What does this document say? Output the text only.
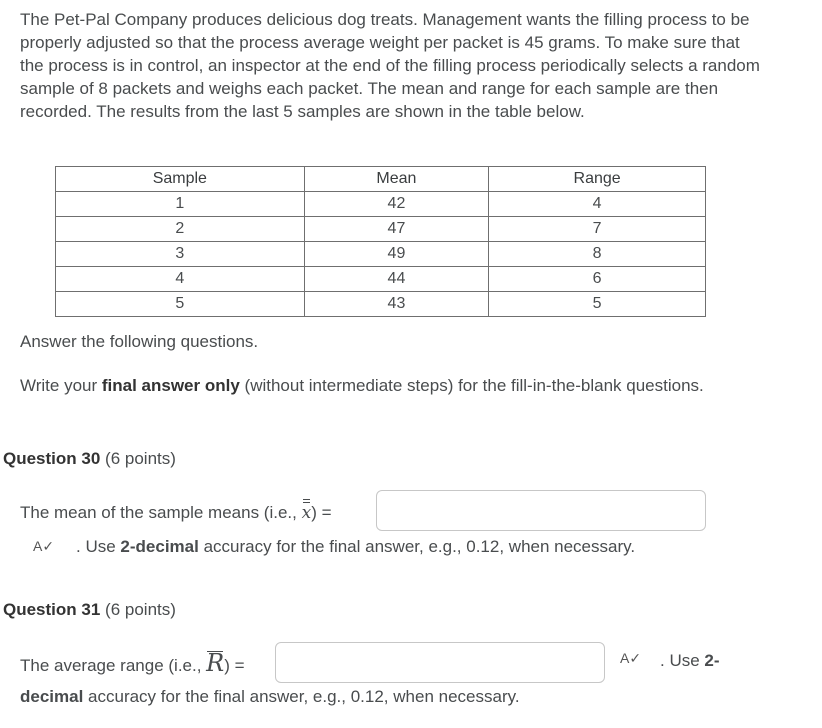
The Pet-Pal Company produces delicious dog treats. Management wants the filling process to be properly adjusted so that the process average weight per packet is 45 grams. To make sure that the process is in control, an inspector at the end of the filling process periodically selects a random sample of 8 packets and weighs each packet. The mean and range for each sample are then recorded. The results from the last 5 samples are shown in the table below.

Sample	Mean	Range
1	42	4
2	47	7
3	49	8
4	44	6
5	43	5

Answer the following questions.

Write your final answer only (without intermediate steps) for the fill-in-the-blank questions.

Question 30 (6 points)

The mean of the sample means (i.e., x) =

A✓ . Use 2-decimal accuracy for the final answer, e.g., 0.12, when necessary.

Question 31 (6 points)

The average range (i.e., R) =	A✓ . Use 2-

decimal accuracy for the final answer, e.g., 0.12, when necessary.
